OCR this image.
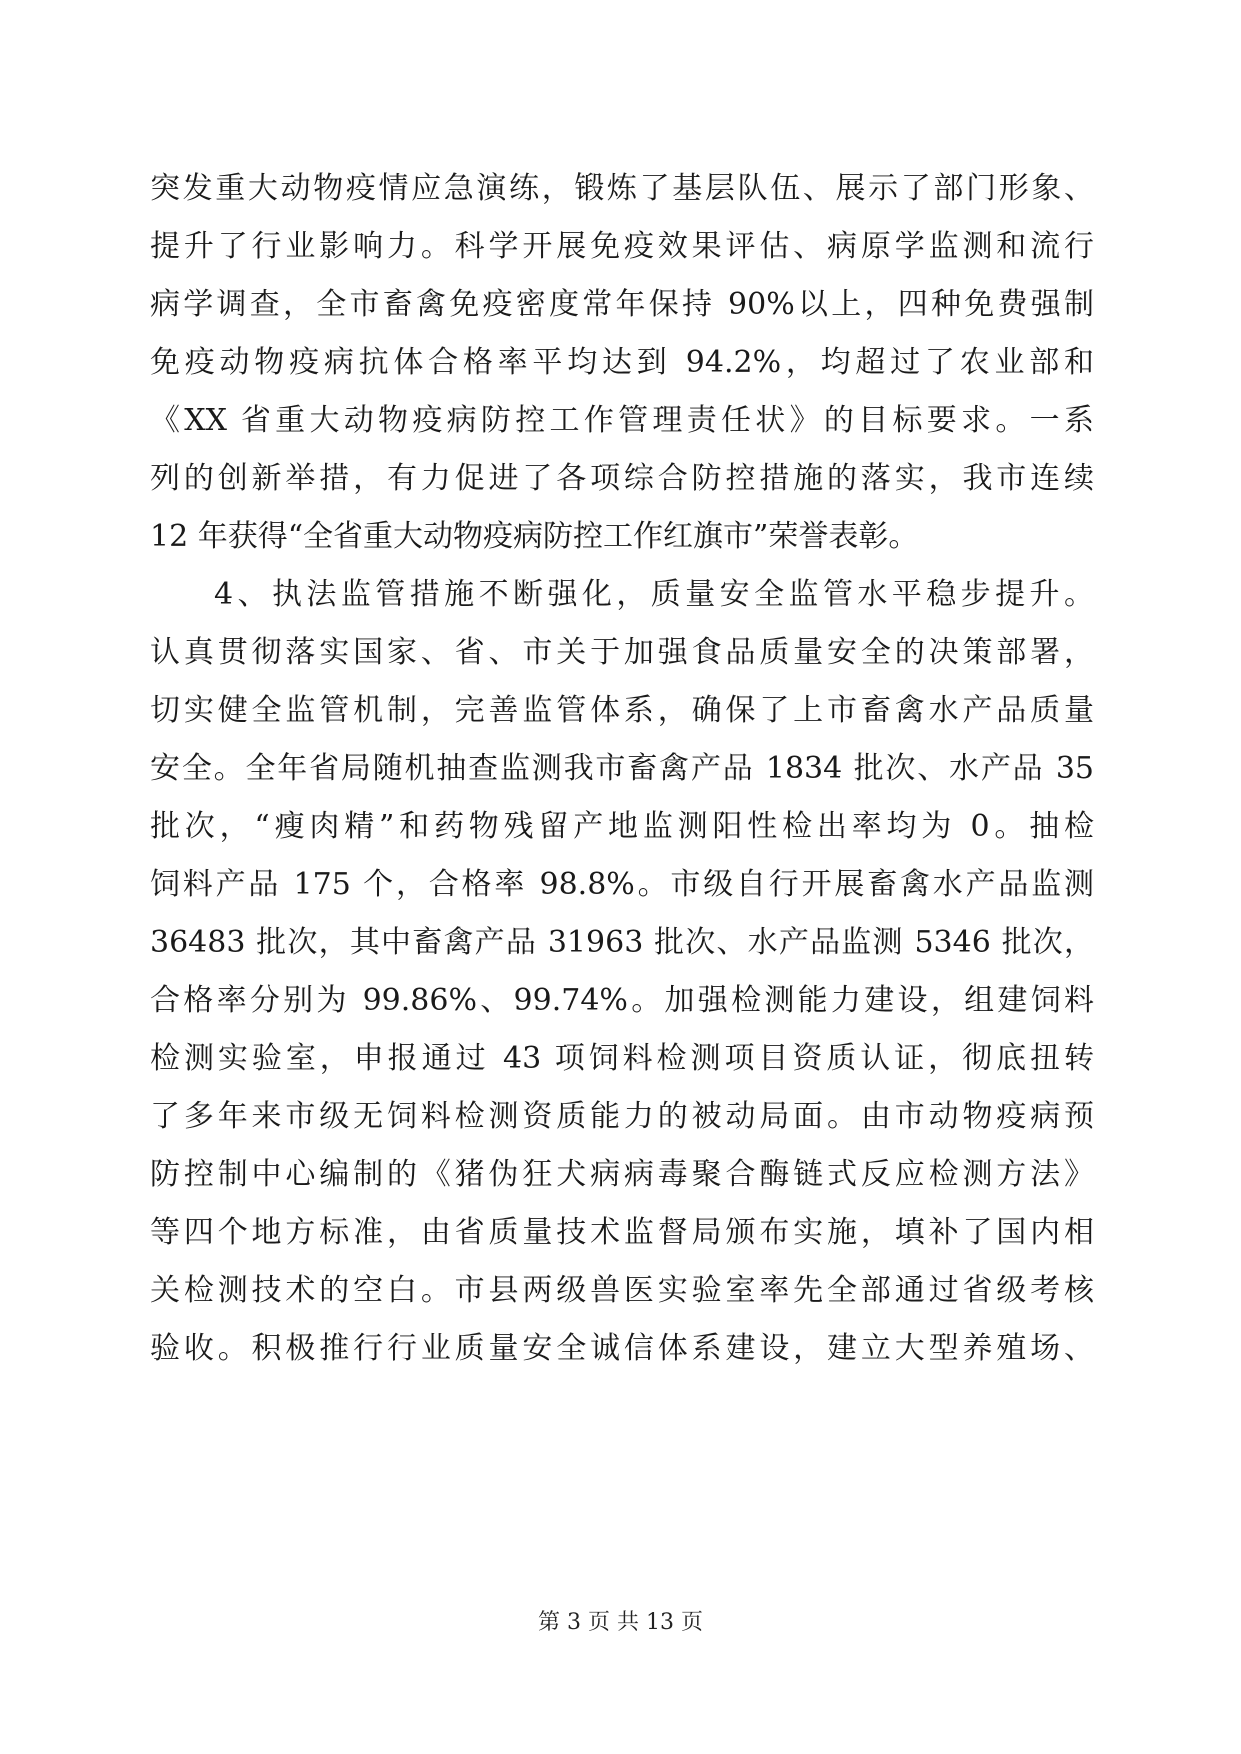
突发重大动物疫情应急演练，锻炼了基层队伍、展示了部门形象、
提升了行业影响力。科学开展免疫效果评估、病原学监测和流行
病学调查，全市畜禽免疫密度常年保持 90%以上，四种免费强制
免疫动物疫病抗体合格率平均达到 94.2%，均超过了农业部和
《XX 省重大动物疫病防控工作管理责任状》的目标要求。一系
列的创新举措，有力促进了各项综合防控措施的落实，我市连续
12 年获得“全省重大动物疫病防控工作红旗市”荣誉表彰。
4、执法监管措施不断强化，质量安全监管水平稳步提升。
认真贯彻落实国家、省、市关于加强食品质量安全的决策部署，
切实健全监管机制，完善监管体系，确保了上市畜禽水产品质量
安全。全年省局随机抽查监测我市畜禽产品 1834 批次、水产品 35
批次，“瘦肉精”和药物残留产地监测阳性检出率均为 0。抽检
饲料产品 175 个，合格率 98.8%。市级自行开展畜禽水产品监测
36483 批次，其中畜禽产品 31963 批次、水产品监测 5346 批次，
合格率分别为 99.86%、99.74%。加强检测能力建设，组建饲料
检测实验室，申报通过 43 项饲料检测项目资质认证，彻底扭转
了多年来市级无饲料检测资质能力的被动局面。由市动物疫病预
防控制中心编制的《猪伪狂犬病病毒聚合酶链式反应检测方法》
等四个地方标准，由省质量技术监督局颁布实施，填补了国内相
关检测技术的空白。市县两级兽医实验室率先全部通过省级考核
验收。积极推行行业质量安全诚信体系建设，建立大型养殖场、
第 3 页 共 13 页
